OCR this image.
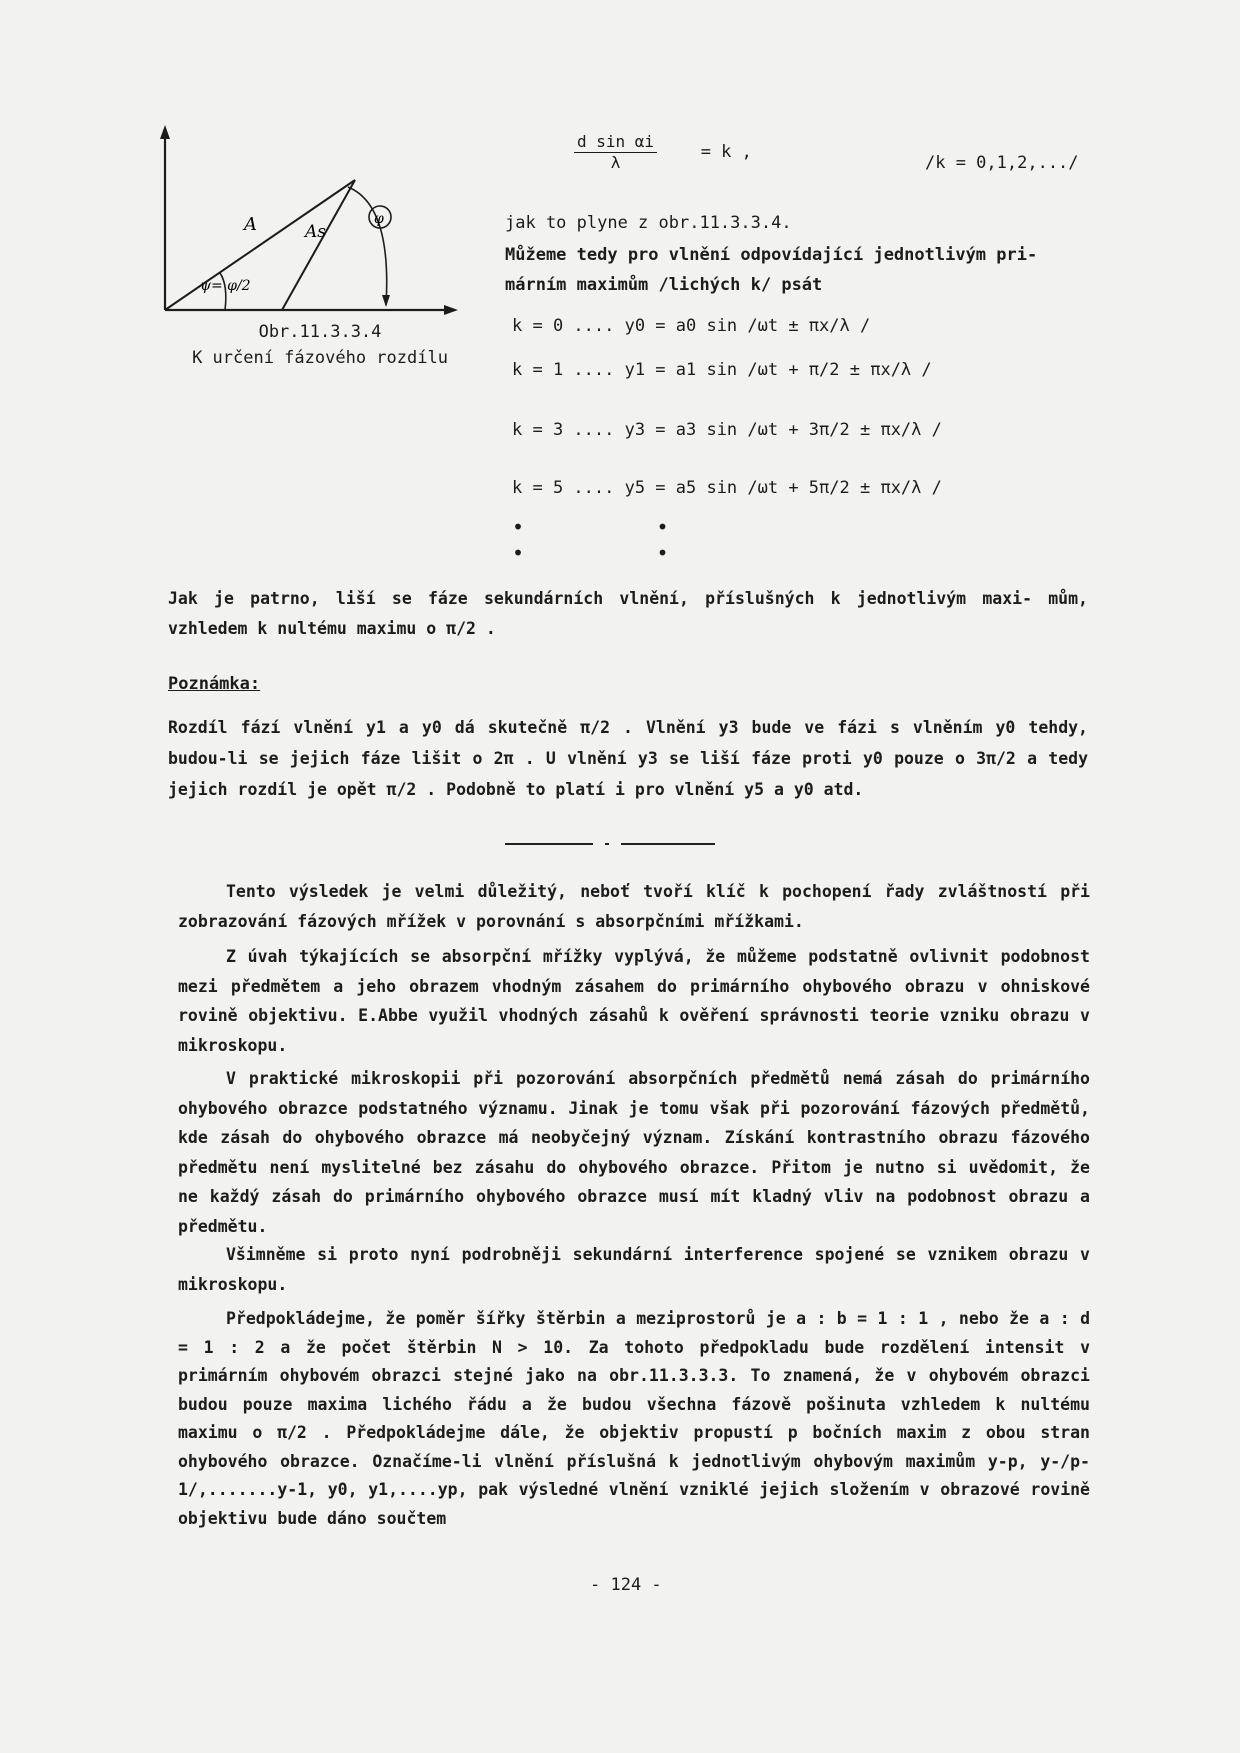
A	As
φ
ψ= φ/2
Obr.11.3.3.4
K určení fázového rozdílu
$\frac{\text{d sin αi}}{\lambda}$	= k ,
/k = 0,1,2,.../
jak to plyne z obr.11.3.3.4.
Můžeme tedy pro vlnění odpovídající jednotlivým pri-
márním maximům /lichých k/ psát
k = 0 .... y0 = a0 sin /ωt ± πx/λ /
k = 1 .... y1 = a1 sin /ωt + π/2 ± πx/λ /
k = 3 .... y3 = a3 sin /ωt + 3π/2 ± πx/λ /
k = 5 .... y5 = a5 sin /ωt + 5π/2 ± πx/λ /
•           •
•           •
Jak je patrno, liší se fáze sekundárních vlnění, příslušných k jednotlivým maxi- mům, vzhledem k nultému maximu o π/2 .
Poznámka:
Rozdíl fází vlnění y1 a y0 dá skutečně π/2 . Vlnění y3 bude ve fázi s vlněním y0 tehdy, budou-li se jejich fáze lišit o 2π . U vlnění y3 se liší fáze proti y0 pouze o 3π/2 a tedy jejich rozdíl je opět π/2 . Podobně to platí i pro vlnění y5 a y0 atd.
Tento výsledek je velmi důležitý, neboť tvoří klíč k pochopení řady zvláštností při zobrazování fázových mřížek v porovnání s absorpčními mřížkami.
Z úvah týkajících se absorpční mřížky vyplývá, že můžeme podstatně ovlivnit podobnost mezi předmětem a jeho obrazem vhodným zásahem do primárního ohybového obrazu v ohniskové rovině objektivu. E.Abbe využil vhodných zásahů k ověření správnosti teorie vzniku obrazu v mikroskopu.
V praktické mikroskopii při pozorování absorpčních předmětů nemá zásah do primárního ohybového obrazce podstatného významu. Jinak je tomu však při pozorování fázových předmětů, kde zásah do ohybového obrazce má neobyčejný význam. Získání kontrastního obrazu fázového předmětu není myslitelné bez zásahu do ohybového obrazce. Přitom je nutno si uvědomit, že ne každý zásah do primárního ohybového obrazce musí mít kladný vliv na podobnost obrazu a předmětu.
Všimněme si proto nyní podrobněji sekundární interference spojené se vznikem obrazu v mikroskopu.
Předpokládejme, že poměr šířky štěrbin a meziprostorů je a : b = 1 : 1 , nebo že a : d = 1 : 2 a že počet štěrbin N > 10. Za tohoto předpokladu bude rozdělení intensit v primárním ohybovém obrazci stejné jako na obr.11.3.3.3. To znamená, že v ohybovém obrazci budou pouze maxima lichého řádu a že budou všechna fázově pošinuta vzhledem k nultému maximu o π/2 . Předpokládejme dále, že objektiv propustí p bočních maxim z obou stran ohybového obrazce. Označíme-li vlnění příslušná k jednotlivým ohybovým maximům y-p, y-/p-1/,.......y-1, y0, y1,....yp, pak výsledné vlnění vzniklé jejich složením v obrazové rovině objektivu bude dáno součtem
- 124 -
